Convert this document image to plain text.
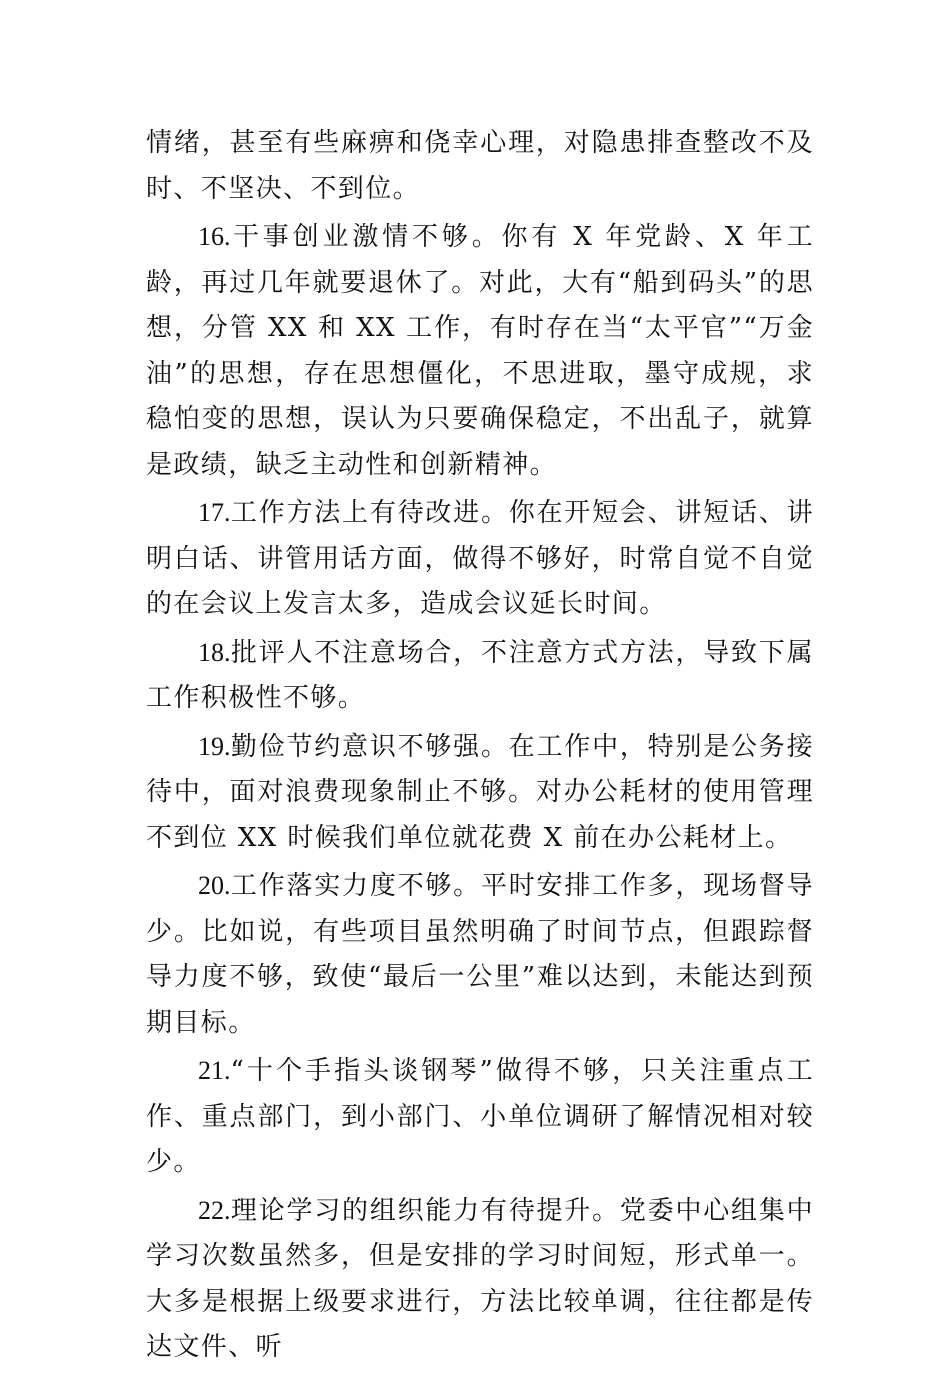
情绪，甚至有些麻痹和侥幸心理，对隐患排查整改不及时、不坚决、不到位。

16.干事创业激情不够。你有 X 年党龄、X 年工龄，再过几年就要退休了。对此，大有“船到码头”的思想，分管 XX 和 XX 工作，有时存在当“太平官”“万金油”的思想，存在思想僵化，不思进取，墨守成规，求稳怕变的思想，误认为只要确保稳定，不出乱子，就算是政绩，缺乏主动性和创新精神。

17.工作方法上有待改进。你在开短会、讲短话、讲明白话、讲管用话方面，做得不够好，时常自觉不自觉的在会议上发言太多，造成会议延长时间。

18.批评人不注意场合，不注意方式方法，导致下属工作积极性不够。

19.勤俭节约意识不够强。在工作中，特别是公务接待中，面对浪费现象制止不够。对办公耗材的使用管理不到位 XX 时候我们单位就花费 X 前在办公耗材上。

20.工作落实力度不够。平时安排工作多，现场督导少。比如说，有些项目虽然明确了时间节点，但跟踪督导力度不够，致使“最后一公里”难以达到，未能达到预期目标。

21.“十个手指头谈钢琴”做得不够，只关注重点工作、重点部门，到小部门、小单位调研了解情况相对较少。

22.理论学习的组织能力有待提升。党委中心组集中学习次数虽然多，但是安排的学习时间短，形式单一。大多是根据上级要求进行，方法比较单调，往往都是传达文件、听
